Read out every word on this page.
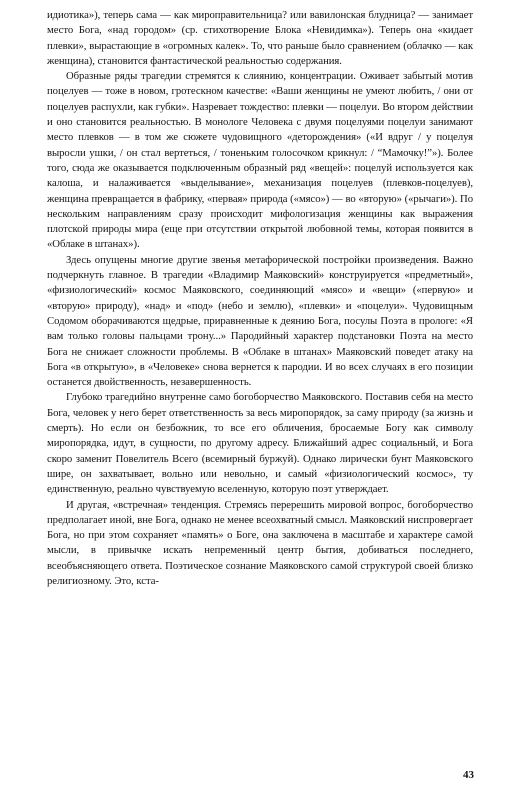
идиотика»), теперь сама — как мироправительница? или вавилонская блудница? — занимает место Бога, «над городом» (ср. стихотворение Блока «Невидимка»). Теперь она «кидает плевки», вырастающие в «огромных калек». То, что раньше было сравнением (облачко — как женщина), становится фантастической реальностью содержания.

Образные ряды трагедии стремятся к слиянию, концентрации. Оживает забытый мотив поцелуев — тоже в новом, гротескном качестве: «Ваши женщины не умеют любить, / они от поцелуев распухли, как губки». Назревает тождество: плевки — поцелуи. Во втором действии и оно становится реальностью. В монологе Человека с двумя поцелуями поцелуи занимают место плевков — в том же сюжете чудовищного «деторождения» («И вдруг / у поцелуя выросли ушки, / он стал вертеться, / тоненьким голосочком крикнул: / “Мамочку!”»). Более того, сюда же оказывается подключенным образный ряд «вещей»: поцелуй используется как калоша, и налаживается «выделывание», механизация поцелуев (плевков-поцелуев), женщина превращается в фабрику, «первая» природа («мясо») — во «вторую» («рычаги»). По нескольким направлениям сразу происходит мифологизация женщины как выражения плотской природы мира (еще при отсутствии открытой любовной темы, которая появится в «Облаке в штанах»).

Здесь опущены многие другие звенья метафорической постройки произведения. Важно подчеркнуть главное. В трагедии «Владимир Маяковский» конструируется «предметный», «физиологический» космос Маяковского, соединяющий «мясо» и «вещи» («первую» и «вторую» природу), «над» и «под» (небо и землю), «плевки» и «поцелуи». Чудовищным Содомом оборачиваются щедрые, приравненные к деянию Бога, посулы Поэта в прологе: «Я вам только головы пальцами трону...» Пародийный характер подстановки Поэта на место Бога не снижает сложности проблемы. В «Облаке в штанах» Маяковский поведет атаку на Бога «в открытую», в «Человеке» снова вернется к пародии. И во всех случаях в его позиции останется двойственность, незавершенность.

Глубоко трагедийно внутренне само богоборчество Маяковского. Поставив себя на место Бога, человек у него берет ответственность за весь миропорядок, за саму природу (за жизнь и смерть). Но если он безбожник, то все его обличения, бросаемые Богу как символу миропорядка, идут, в сущности, по другому адресу. Ближайший адрес социальный, и Бога скоро заменит Повелитель Всего (всемирный буржуй). Однако лирически бунт Маяковского шире, он захватывает, вольно или невольно, и самый «физиологический космос», ту единственную, реально чувствуемую вселенную, которую поэт утверждает.

И другая, «встречная» тенденция. Стремясь перерешить мировой вопрос, богоборчество предполагает иной, вне Бога, однако не менее всеохватный смысл. Маяковский ниспровергает Бога, но при этом сохраняет «память» о Боге, она заключена в масштабе и характере самой мысли, в привычке искать непременный центр бытия, добиваться последнего, всеобъясняющего ответа. Поэтическое сознание Маяковского самой структурой своей близко религиозному. Это, кста-

43
